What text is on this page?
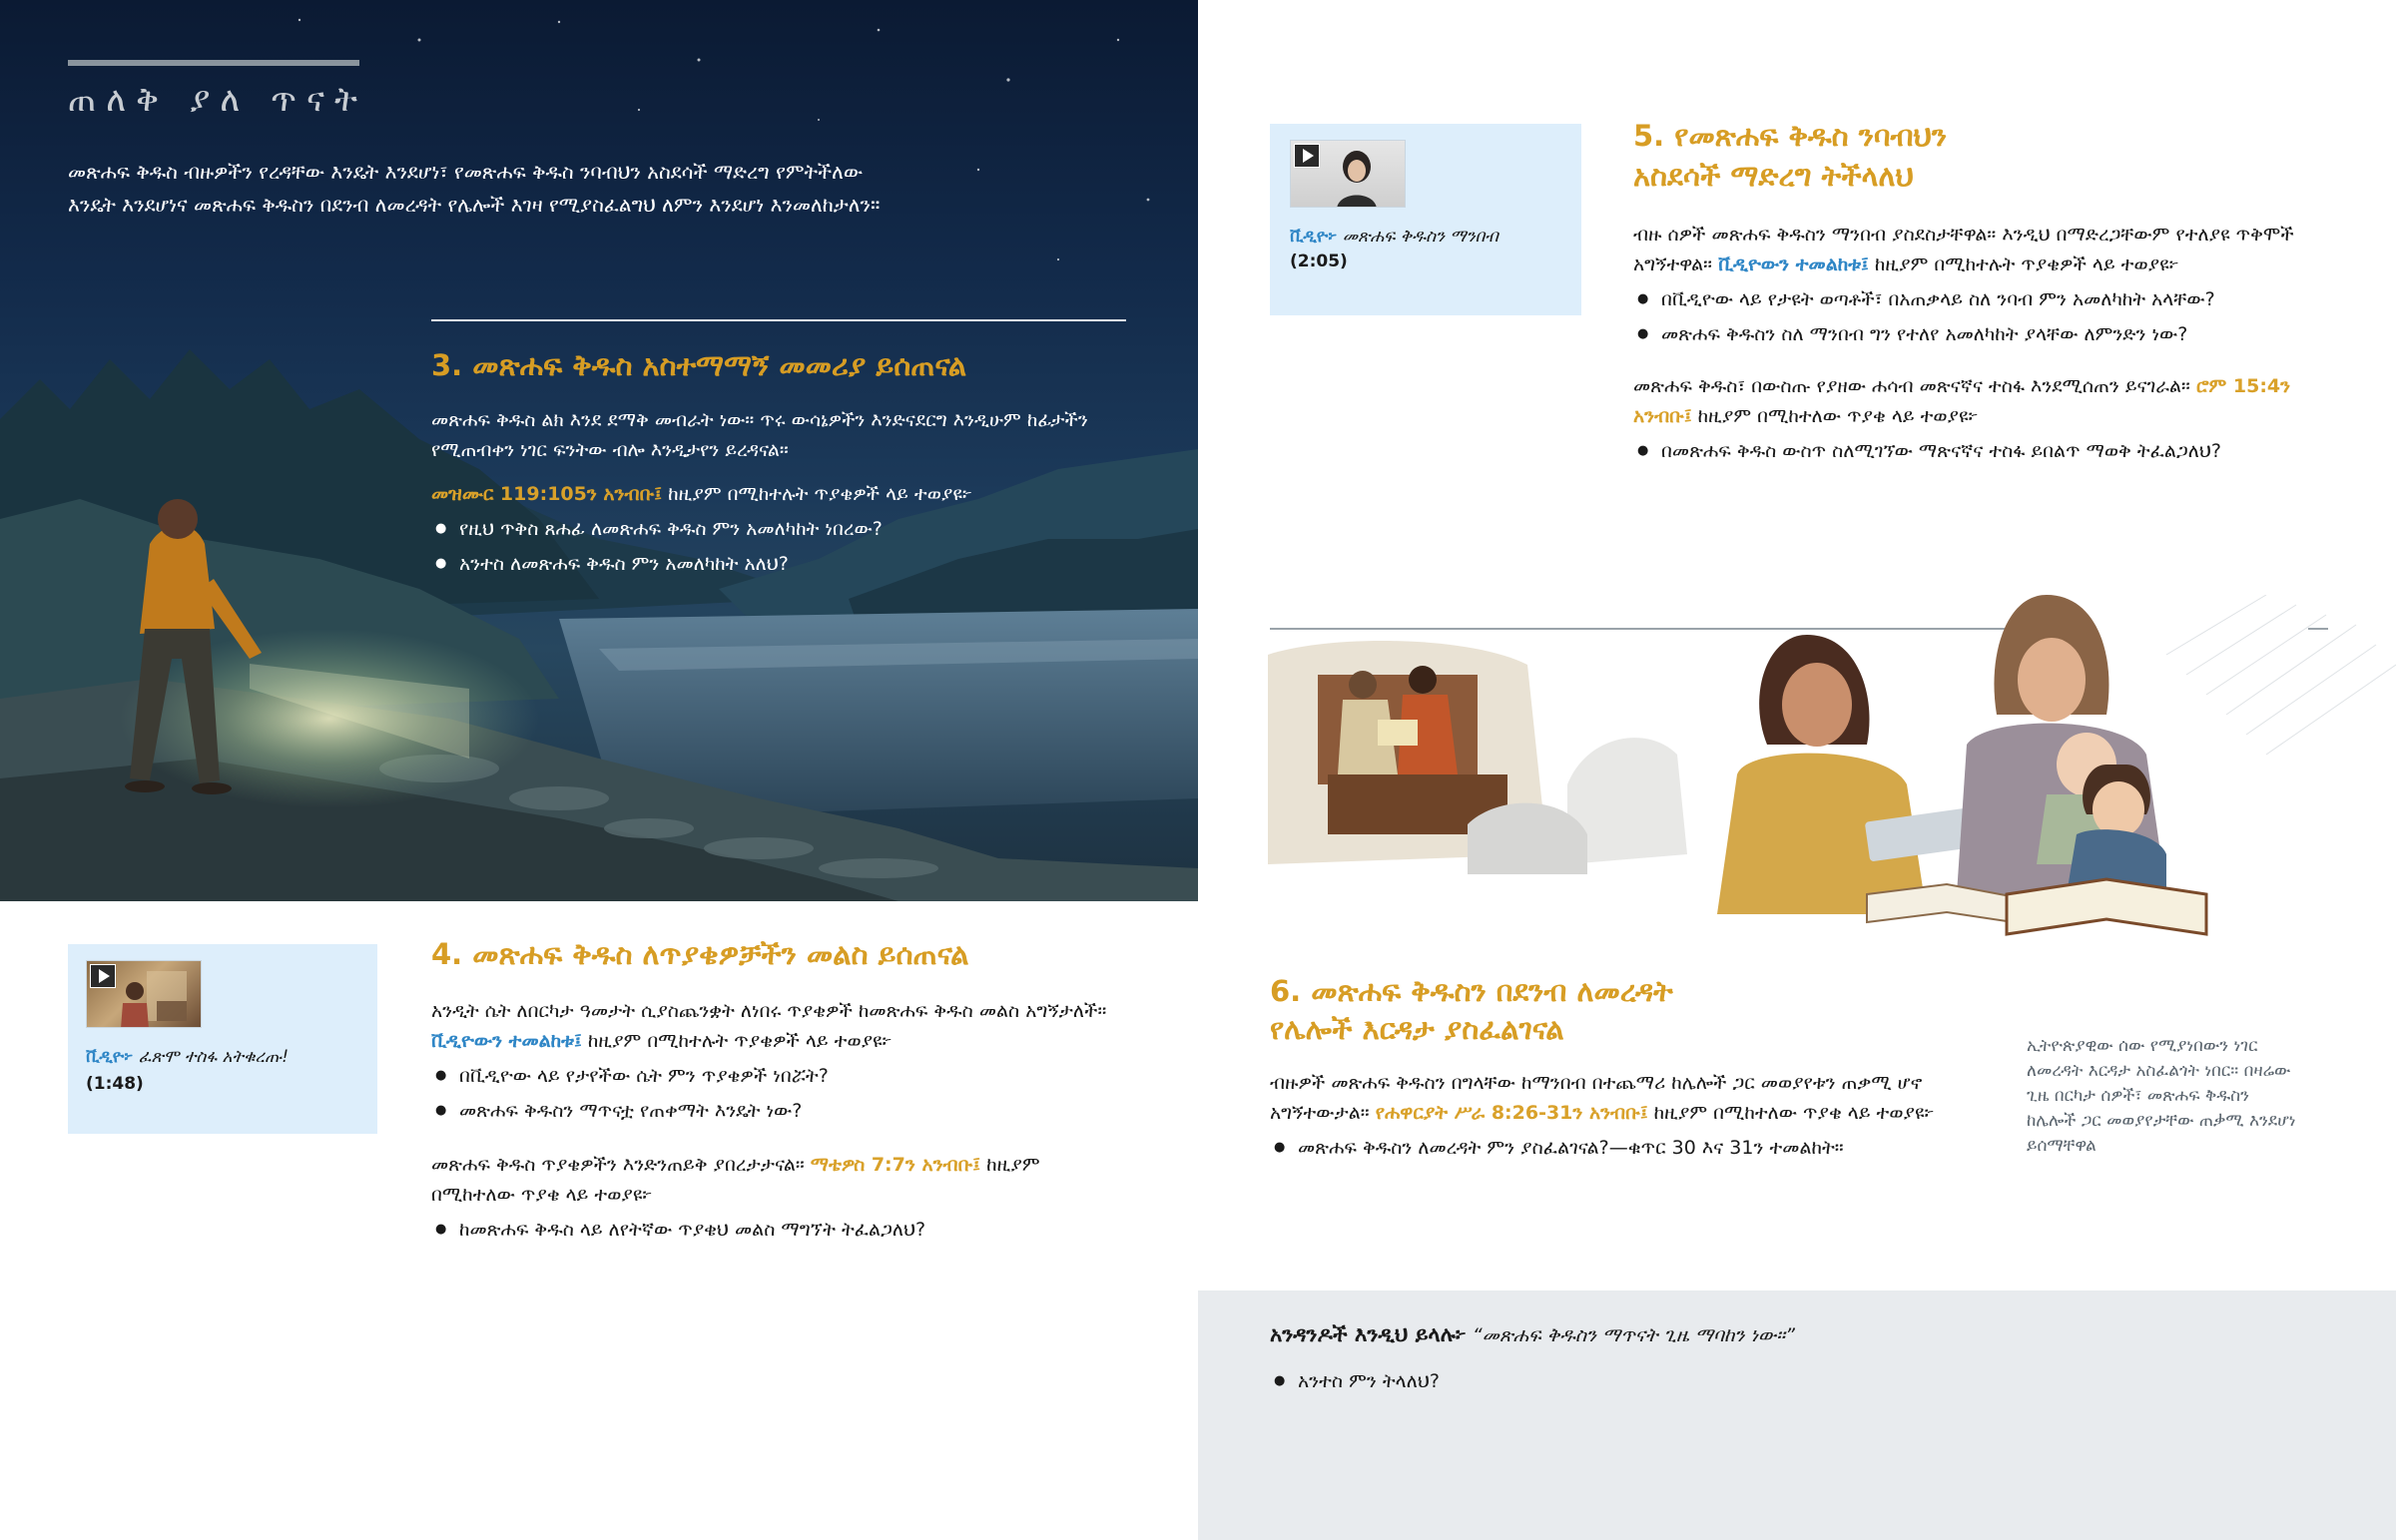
ጠለቅ ያለ ጥናት
መጽሐፍ ቅዱስ ብዙዎችን የረዳቸው እንዴት እንደሆነ፣ የመጽሐፍ ቅዱስ ንባብህን አስደሳች ማድረግ የምትችለው እንዴት እንደሆነና መጽሐፍ ቅዱስን በደንብ ለመረዳት የሌሎች እገዛ የሚያስፈልግህ ለምን እንደሆነ እንመለከታለን።
3. መጽሐፍ ቅዱስ አስተማማኝ መመሪያ ይሰጠናል
መጽሐፍ ቅዱስ ልክ እንደ ደማቅ መብራት ነው። ጥሩ ውሳኔዎችን እንድናደርግ እንዲሁም ከፊታችን የሚጠብቀን ነገር ፍንትው ብሎ እንዲታየን ይረዳናል።
መዝሙር 119:105ን አንብቡ፤ ከዚያም በሚከተሉት ጥያቄዎች ላይ ተወያዩ፦
● የዚህ ጥቅስ ጸሐፊ ለመጽሐፍ ቅዱስ ምን አመለካከት ነበረው?
● አንተስ ለመጽሐፍ ቅዱስ ምን አመለካከት አለህ?
ቪዲዮ፦ ፈጽሞ ተስፋ አትቁረጡ!
(1:48)
4. መጽሐፍ ቅዱስ ለጥያቄዎቻችን መልስ ይሰጠናል
አንዲት ሴት ለበርካታ ዓመታት ሲያስጨንቋት ለነበሩ ጥያቄዎች ከመጽሐፍ ቅዱስ መልስ አግኝታለች። ቪዲዮውን ተመልከቱ፤ ከዚያም በሚከተሉት ጥያቄዎች ላይ ተወያዩ፦
● በቪዲዮው ላይ የታየችው ሴት ምን ጥያቄዎች ነበሯት?
● መጽሐፍ ቅዱስን ማጥናቷ የጠቀማት እንዴት ነው?
መጽሐፍ ቅዱስ ጥያቄዎችን እንድንጠይቅ ያበረታታናል። ማቴዎስ 7:7ን አንብቡ፤ ከዚያም በሚከተለው ጥያቄ ላይ ተወያዩ፦
● ከመጽሐፍ ቅዱስ ላይ ለየትኛው ጥያቄህ መልስ ማግኘት ትፈልጋለህ?
ቪዲዮ፦ መጽሐፍ ቅዱስን ማንበብ
(2:05)
5. የመጽሐፍ ቅዱስ ንባብህን
አስደሳች ማድረግ ትችላለህ
ብዙ ሰዎች መጽሐፍ ቅዱስን ማንበብ ያስደስታቸዋል። እንዲህ በማድረጋቸውም የተለያዩ ጥቅሞች አግኝተዋል። ቪዲዮውን ተመልከቱ፤ ከዚያም በሚከተሉት ጥያቄዎች ላይ ተወያዩ፦
● በቪዲዮው ላይ የታዩት ወጣቶች፣ በአጠቃላይ ስለ ንባብ ምን አመለካከት አላቸው?
● መጽሐፍ ቅዱስን ስለ ማንበብ ግን የተለየ አመለካከት ያላቸው ለምንድን ነው?
መጽሐፍ ቅዱስ፣ በውስጡ የያዘው ሐሳብ መጽናኛና ተስፋ እንደሚሰጠን ይናገራል። ሮም 15:4ን አንብቡ፤ ከዚያም በሚከተለው ጥያቄ ላይ ተወያዩ፦
● በመጽሐፍ ቅዱስ ውስጥ ስለሚገኘው ማጽናኛና ተስፋ ይበልጥ ማወቅ ትፈልጋለህ?
6. መጽሐፍ ቅዱስን በደንብ ለመረዳት
የሌሎች እርዳታ ያስፈልገናል
ብዙዎች መጽሐፍ ቅዱስን በግላቸው ከማንበብ በተጨማሪ ከሌሎች ጋር መወያየቱን ጠቃሚ ሆኖ አግኝተውታል። የሐዋርያት ሥራ 8:26-31ን አንብቡ፤ ከዚያም በሚከተለው ጥያቄ ላይ ተወያዩ፦
● መጽሐፍ ቅዱስን ለመረዳት ምን ያስፈልገናል?—ቁጥር 30 እና 31ን ተመልከት።
ኢትዮጵያዊው ሰው የሚያነበውን ነገር ለመረዳት እርዳታ አስፈልጎት ነበር። በዛሬው ጊዜ በርካታ ሰዎች፣ መጽሐፍ ቅዱስን ከሌሎች ጋር መወያየታቸው ጠቃሚ እንደሆነ ይሰማቸዋል
አንዳንዶች እንዲህ ይላሉ፦ “መጽሐፍ ቅዱስን ማጥናት ጊዜ ማባከን ነው።”
● አንተስ ምን ትላለህ?
